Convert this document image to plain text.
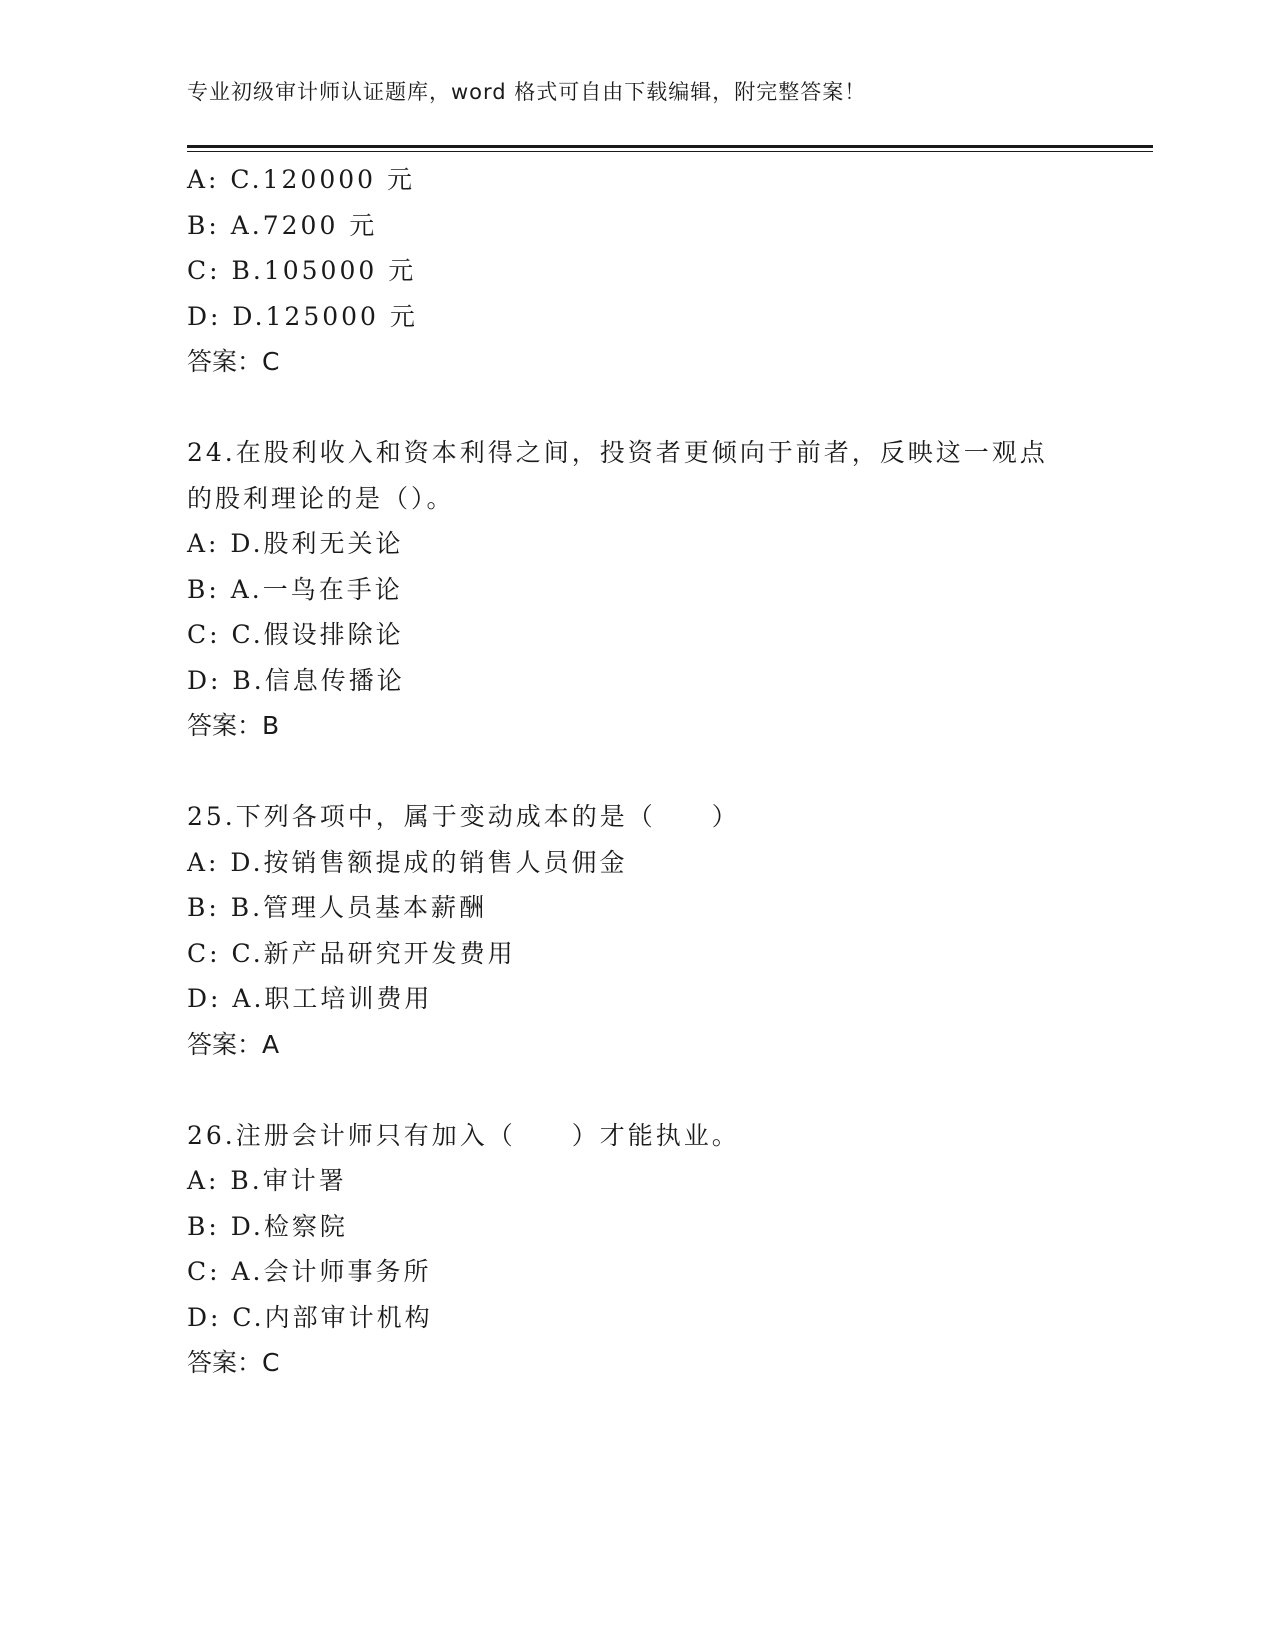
专业初级审计师认证题库，word 格式可自由下载编辑，附完整答案！
A: C.120000 元
B: A.7200 元
C: B.105000 元
D: D.125000 元
答案：C
24.在股利收入和资本利得之间，投资者更倾向于前者，反映这一观点
的股利理论的是（）。
A: D.股利无关论
B: A.一鸟在手论
C: C.假设排除论
D: B.信息传播论
答案：B
25.下列各项中，属于变动成本的是（　　）
A: D.按销售额提成的销售人员佣金
B: B.管理人员基本薪酬
C: C.新产品研究开发费用
D: A.职工培训费用
答案：A
26.注册会计师只有加入（　　）才能执业。
A: B.审计署
B: D.检察院
C: A.会计师事务所
D: C.内部审计机构
答案：C
